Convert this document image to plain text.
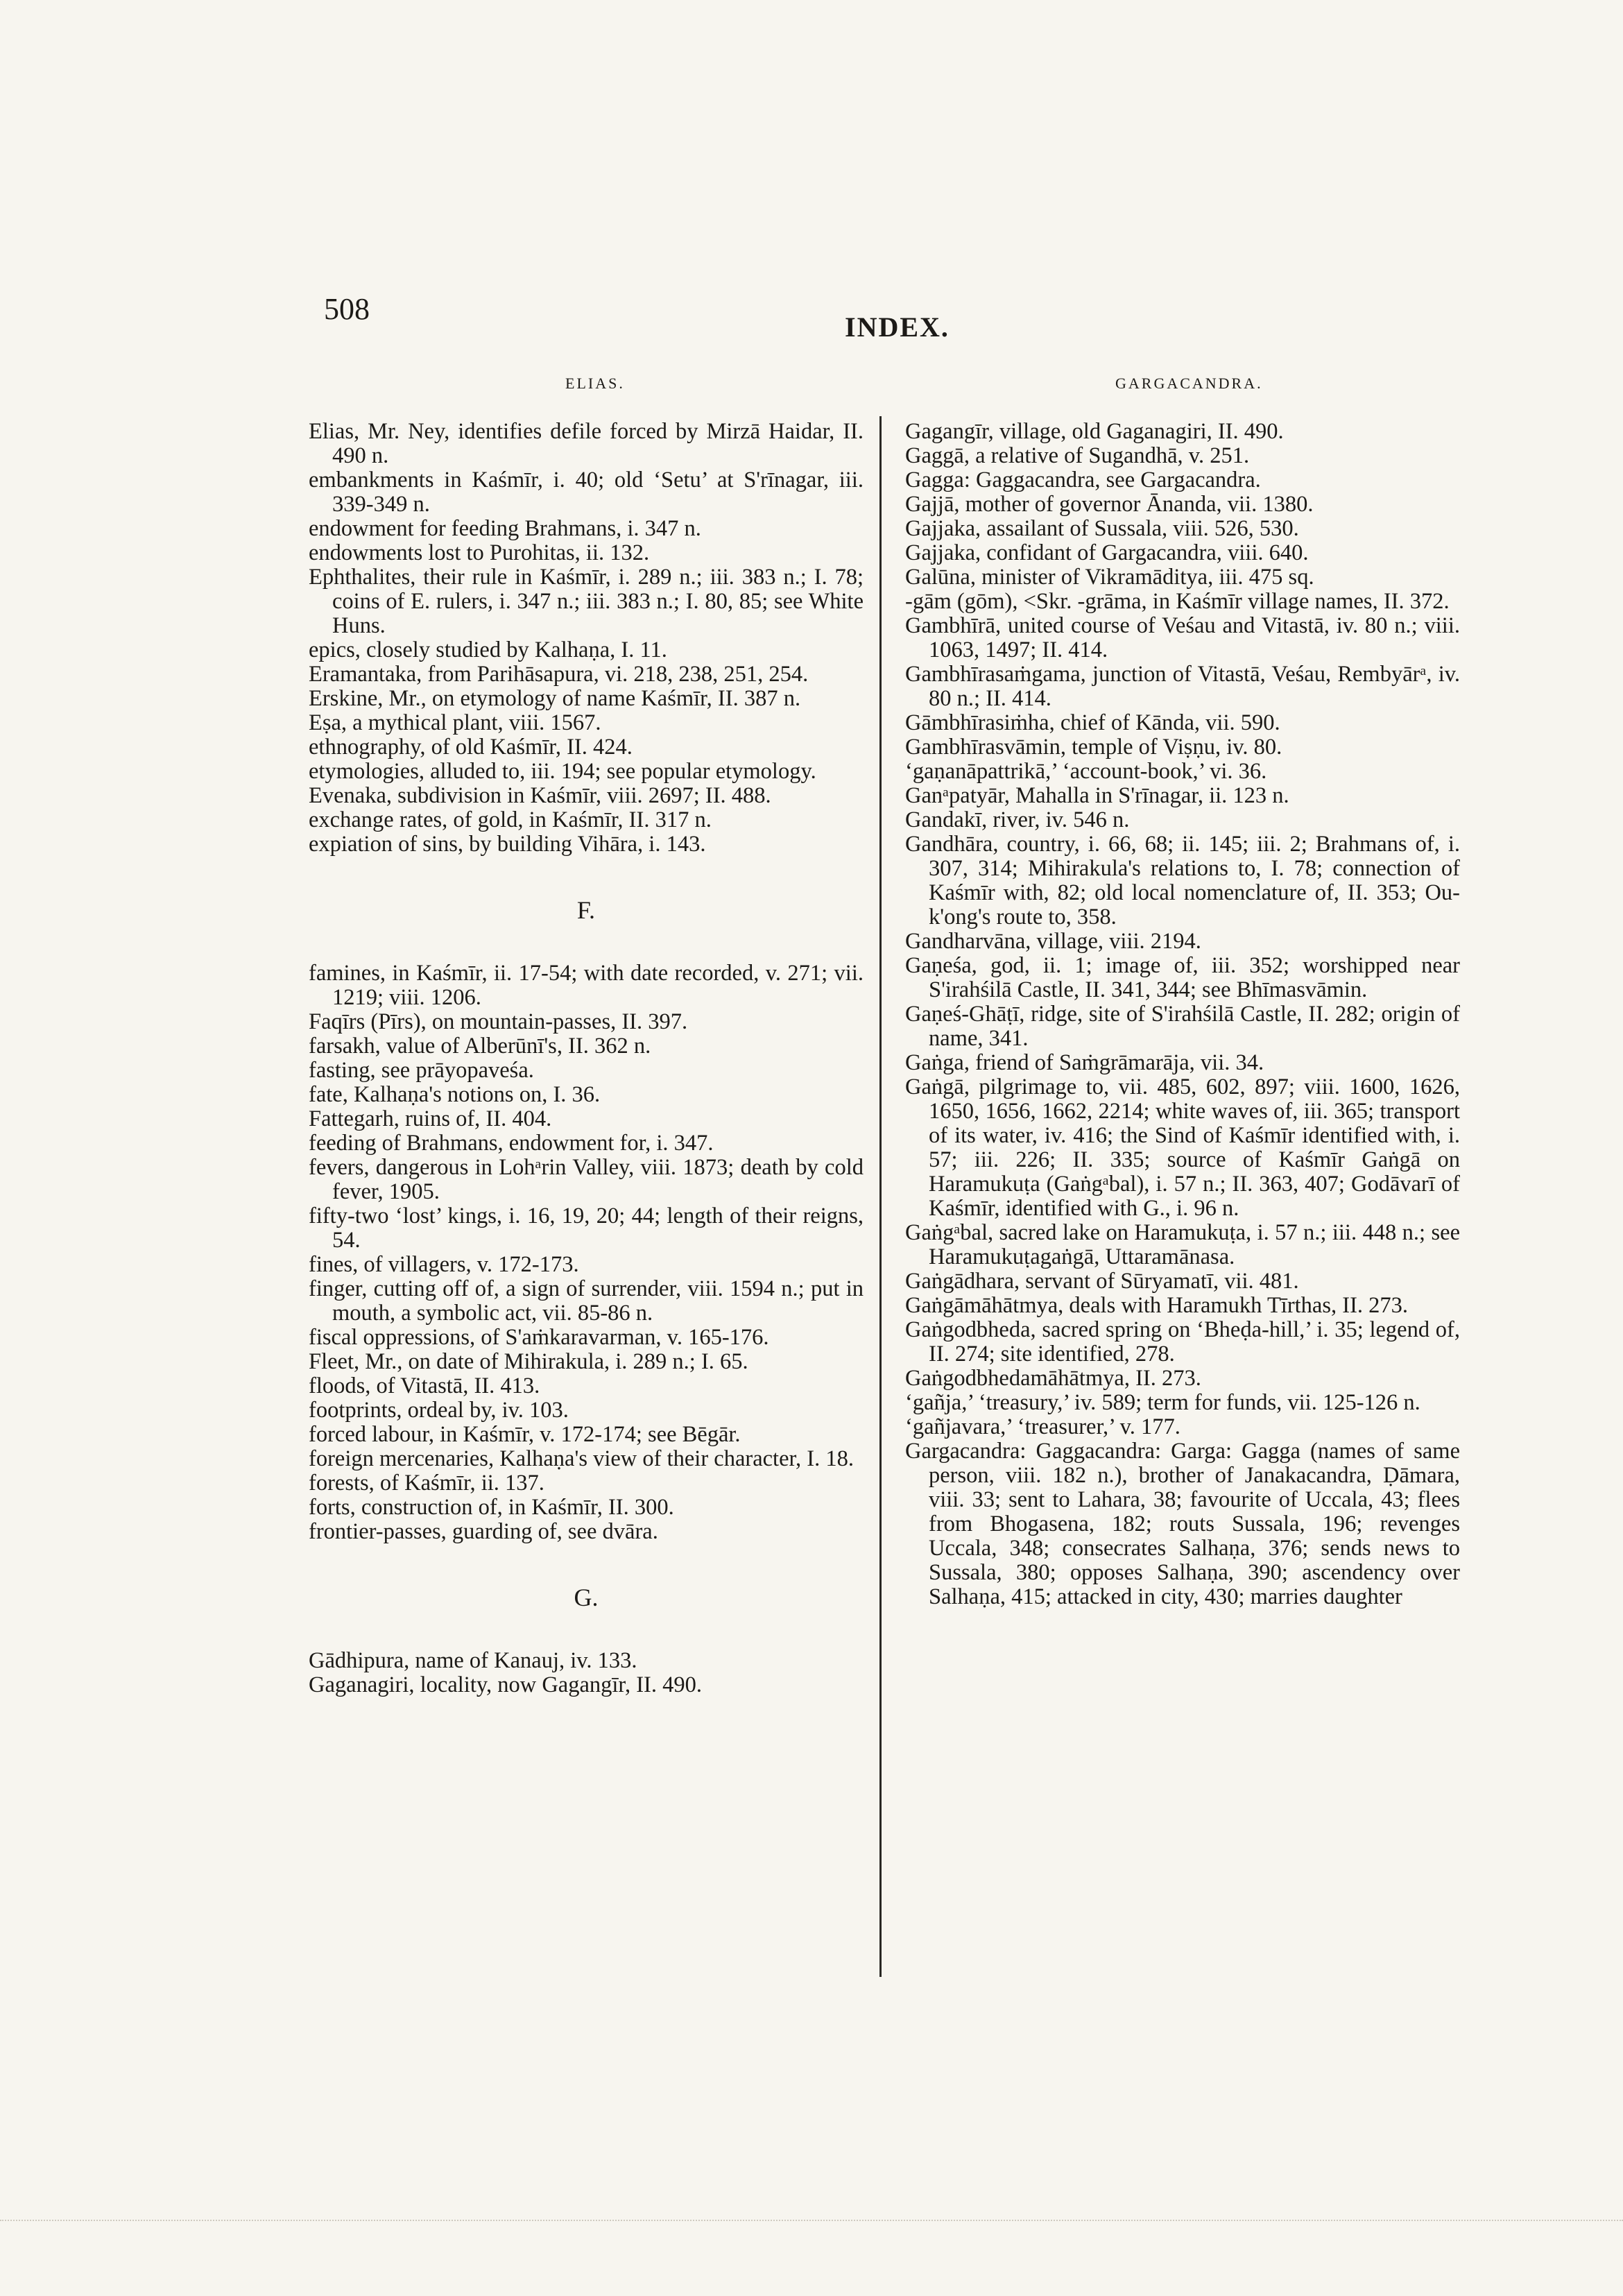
508
INDEX.
ELIAS.	GARGACANDRA.
Elias, Mr. Ney, identifies defile forced by Mirzā Haidar, II. 490 n.
embankments in Kaśmīr, i. 40; old ‘Setu’ at S'rīnagar, iii. 339-349 n.
endowment for feeding Brahmans, i. 347 n.
endowments lost to Purohitas, ii. 132.
Ephthalites, their rule in Kaśmīr, i. 289 n.; iii. 383 n.; I. 78; coins of E. rulers, i. 347 n.; iii. 383 n.; I. 80, 85; see White Huns.
epics, closely studied by Kalhaṇa, I. 11.
Eramantaka, from Parihāsapura, vi. 218, 238, 251, 254.
Erskine, Mr., on etymology of name Kaśmīr, II. 387 n.
Eṣa, a mythical plant, viii. 1567.
ethnography, of old Kaśmīr, II. 424.
etymologies, alluded to, iii. 194; see popular etymology.
Evenaka, subdivision in Kaśmīr, viii. 2697; II. 488.
exchange rates, of gold, in Kaśmīr, II. 317 n.
expiation of sins, by building Vihāra, i. 143.
F.
famines, in Kaśmīr, ii. 17-54; with date recorded, v. 271; vii. 1219; viii. 1206.
Faqīrs (Pīrs), on mountain-passes, II. 397.
farsakh, value of Alberūnī's, II. 362 n.
fasting, see prāyopaveśa.
fate, Kalhaṇa's notions on, I. 36.
Fattegarh, ruins of, II. 404.
feeding of Brahmans, endowment for, i. 347.
fevers, dangerous in Lohᵃrin Valley, viii. 1873; death by cold fever, 1905.
fifty-two ‘lost’ kings, i. 16, 19, 20; 44; length of their reigns, 54.
fines, of villagers, v. 172-173.
finger, cutting off of, a sign of surrender, viii. 1594 n.; put in mouth, a symbolic act, vii. 85-86 n.
fiscal oppressions, of S'aṁkaravarman, v. 165-176.
Fleet, Mr., on date of Mihirakula, i. 289 n.; I. 65.
floods, of Vitastā, II. 413.
footprints, ordeal by, iv. 103.
forced labour, in Kaśmīr, v. 172-174; see Bēgār.
foreign mercenaries, Kalhaṇa's view of their character, I. 18.
forests, of Kaśmīr, ii. 137.
forts, construction of, in Kaśmīr, II. 300.
frontier-passes, guarding of, see dvāra.
G.
Gādhipura, name of Kanauj, iv. 133.
Gaganagiri, locality, now Gagangīr, II. 490.
Gagangīr, village, old Gaganagiri, II. 490.
Gaggā, a relative of Sugandhā, v. 251.
Gagga: Gaggacandra, see Gargacandra.
Gajjā, mother of governor Ānanda, vii. 1380.
Gajjaka, assailant of Sussala, viii. 526, 530.
Gajjaka, confidant of Gargacandra, viii. 640.
Galūna, minister of Vikramāditya, iii. 475 sq.
-gām (gōm), <Skr. -grāma, in Kaśmīr village names, II. 372.
Gambhīrā, united course of Veśau and Vitastā, iv. 80 n.; viii. 1063, 1497; II. 414.
Gambhīrasaṁgama, junction of Vitastā, Veśau, Rembyārᵃ, iv. 80 n.; II. 414.
Gāmbhīrasiṁha, chief of Kānda, vii. 590.
Gambhīrasvāmin, temple of Viṣṇu, iv. 80.
‘gaṇanāpattrikā,’ ‘account-book,’ vi. 36.
Ganᵃpatyār, Mahalla in S'rīnagar, ii. 123 n.
Gandakī, river, iv. 546 n.
Gandhāra, country, i. 66, 68; ii. 145; iii. 2; Brahmans of, i. 307, 314; Mihirakula's relations to, I. 78; connection of Kaśmīr with, 82; old local nomenclature of, II. 353; Ou-k'ong's route to, 358.
Gandharvāna, village, viii. 2194.
Gaṇeśa, god, ii. 1; image of, iii. 352; worshipped near S'irahśilā Castle, II. 341, 344; see Bhīmasvāmin.
Gaṇeś-Ghāṭī, ridge, site of S'irahśilā Castle, II. 282; origin of name, 341.
Gaṅga, friend of Saṁgrāmarāja, vii. 34.
Gaṅgā, pilgrimage to, vii. 485, 602, 897; viii. 1600, 1626, 1650, 1656, 1662, 2214; white waves of, iii. 365; transport of its water, iv. 416; the Sind of Kaśmīr identified with, i. 57; iii. 226; II. 335; source of Kaśmīr Gaṅgā on Haramukuṭa (Gaṅgᵃbal), i. 57 n.; II. 363, 407; Godāvarī of Kaśmīr, identified with G., i. 96 n.
Gaṅgᵃbal, sacred lake on Haramukuṭa, i. 57 n.; iii. 448 n.; see Haramukuṭagaṅgā, Uttaramānasa.
Gaṅgādhara, servant of Sūryamatī, vii. 481.
Gaṅgāmāhātmya, deals with Haramukh Tīrthas, II. 273.
Gaṅgodbheda, sacred spring on ‘Bheḍa-hill,’ i. 35; legend of, II. 274; site identified, 278.
Gaṅgodbhedamāhātmya, II. 273.
‘gañja,’ ‘treasury,’ iv. 589; term for funds, vii. 125-126 n.
‘gañjavara,’ ‘treasurer,’ v. 177.
Gargacandra: Gaggacandra: Garga: Gagga (names of same person, viii. 182 n.), brother of Janakacandra, Ḍāmara, viii. 33; sent to Lahara, 38; favourite of Uccala, 43; flees from Bhogasena, 182; routs Sussala, 196; revenges Uccala, 348; consecrates Salhaṇa, 376; sends news to Sussala, 380; opposes Salhaṇa, 390; ascendency over Salhaṇa, 415; attacked in city, 430; marries daughter
